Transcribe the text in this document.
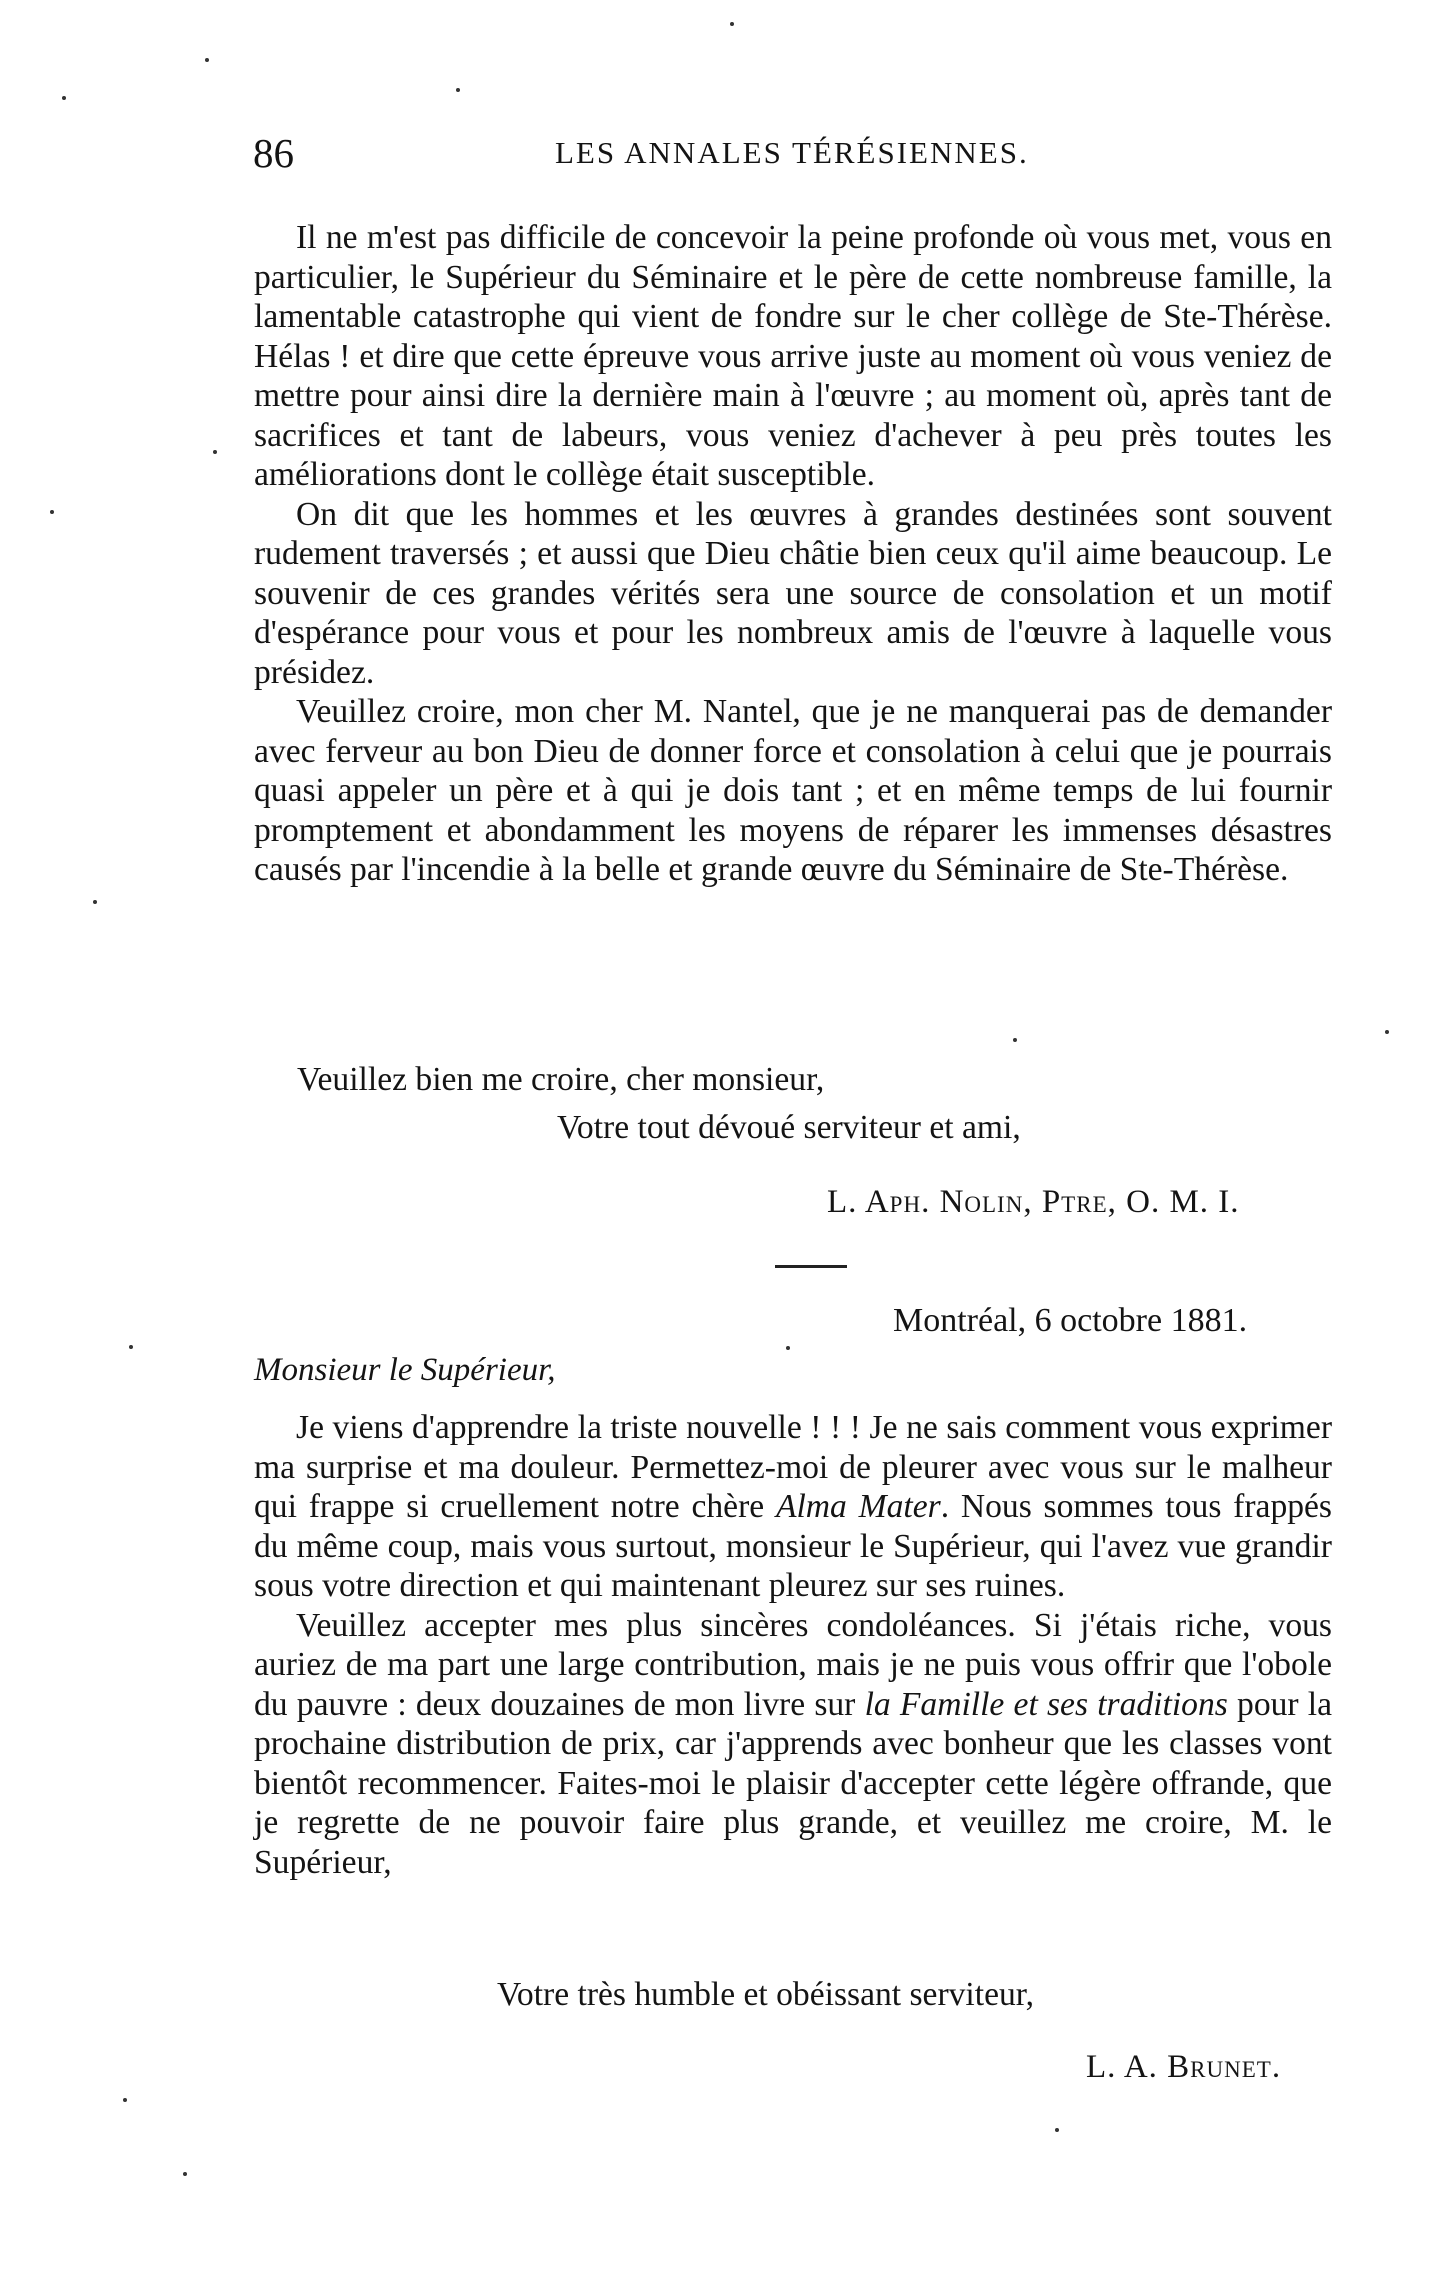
86	LES ANNALES TÉRÉSIENNES.

Il ne m'est pas difficile de concevoir la peine profonde où vous met, vous en particulier, le Supérieur du Séminaire et le père de cette nombreuse famille, la lamentable catastrophe qui vient de fondre sur le cher collège de Ste-Thérèse. Hélas ! et dire que cette épreuve vous arrive juste au moment où vous veniez de mettre pour ainsi dire la dernière main à l'œuvre ; au moment où, après tant de sacrifices et tant de labeurs, vous veniez d'achever à peu près toutes les améliorations dont le collège était susceptible.

On dit que les hommes et les œuvres à grandes destinées sont souvent rudement traversés ; et aussi que Dieu châtie bien ceux qu'il aime beaucoup. Le souvenir de ces grandes vérités sera une source de consolation et un motif d'espérance pour vous et pour les nombreux amis de l'œuvre à laquelle vous présidez.

Veuillez croire, mon cher M. Nantel, que je ne manquerai pas de demander avec ferveur au bon Dieu de donner force et consolation à celui que je pourrais quasi appeler un père et à qui je dois tant ; et en même temps de lui fournir promptement et abondamment les moyens de réparer les immenses désastres causés par l'incendie à la belle et grande œuvre du Séminaire de Ste-Thérèse.

Veuillez bien me croire, cher monsieur,
Votre tout dévoué serviteur et ami,
L. Aph. Nolin, Ptre, O. M. I.
Montréal, 6 octobre 1881.
Monsieur le Supérieur,

Je viens d'apprendre la triste nouvelle ! ! ! Je ne sais comment vous exprimer ma surprise et ma douleur. Permettez-moi de pleurer avec vous sur le malheur qui frappe si cruellement notre chère Alma Mater. Nous sommes tous frappés du même coup, mais vous surtout, monsieur le Supérieur, qui l'avez vue grandir sous votre direction et qui maintenant pleurez sur ses ruines.

Veuillez accepter mes plus sincères condoléances. Si j'étais riche, vous auriez de ma part une large contribution, mais je ne puis vous offrir que l'obole du pauvre : deux douzaines de mon livre sur la Famille et ses traditions pour la prochaine distribution de prix, car j'apprends avec bonheur que les classes vont bientôt recommencer. Faites-moi le plaisir d'accepter cette légère offrande, que je regrette de ne pouvoir faire plus grande, et veuillez me croire, M. le Supérieur,

Votre très humble et obéissant serviteur,
L. A. Brunet.
